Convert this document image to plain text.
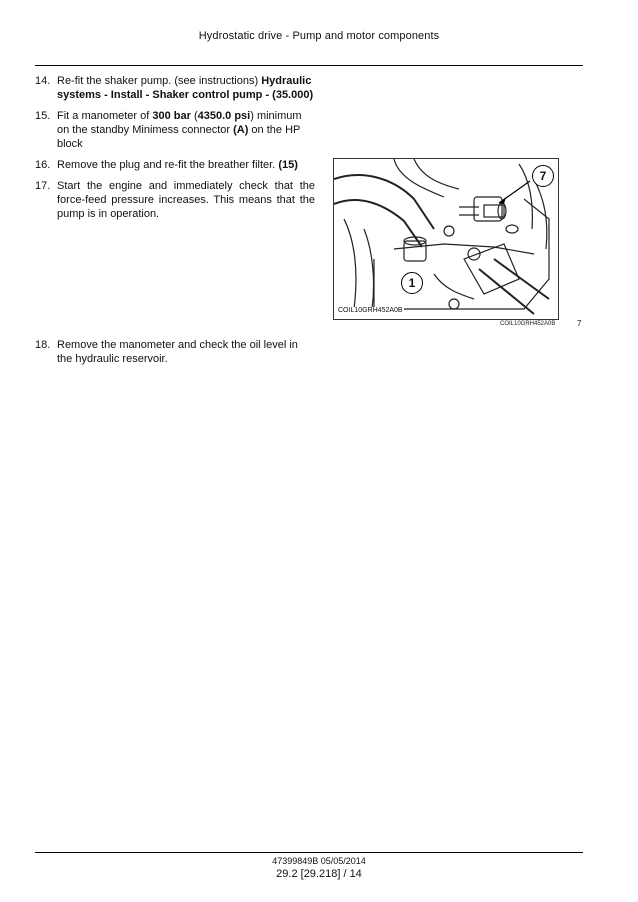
Hydrostatic drive - Pump and motor components
14. Re-fit the shaker pump. (see instructions) Hydraulic systems - Install - Shaker control pump - (35.000)
15. Fit a manometer of 300 bar (4350.0 psi) minimum on the standby Minimess connector (A) on the HP block
16. Remove the plug and re-fit the breather filter. (15)
17. Start the engine and immediately check that the force-feed pressure increases. This means that the pump is in operation.
7
1
COIL10GRH452A0B
COIL10GRH452A0B	7
18. Remove the manometer and check the oil level in the hydraulic reservoir.
47399849B 05/05/2014
29.2 [29.218] / 14
